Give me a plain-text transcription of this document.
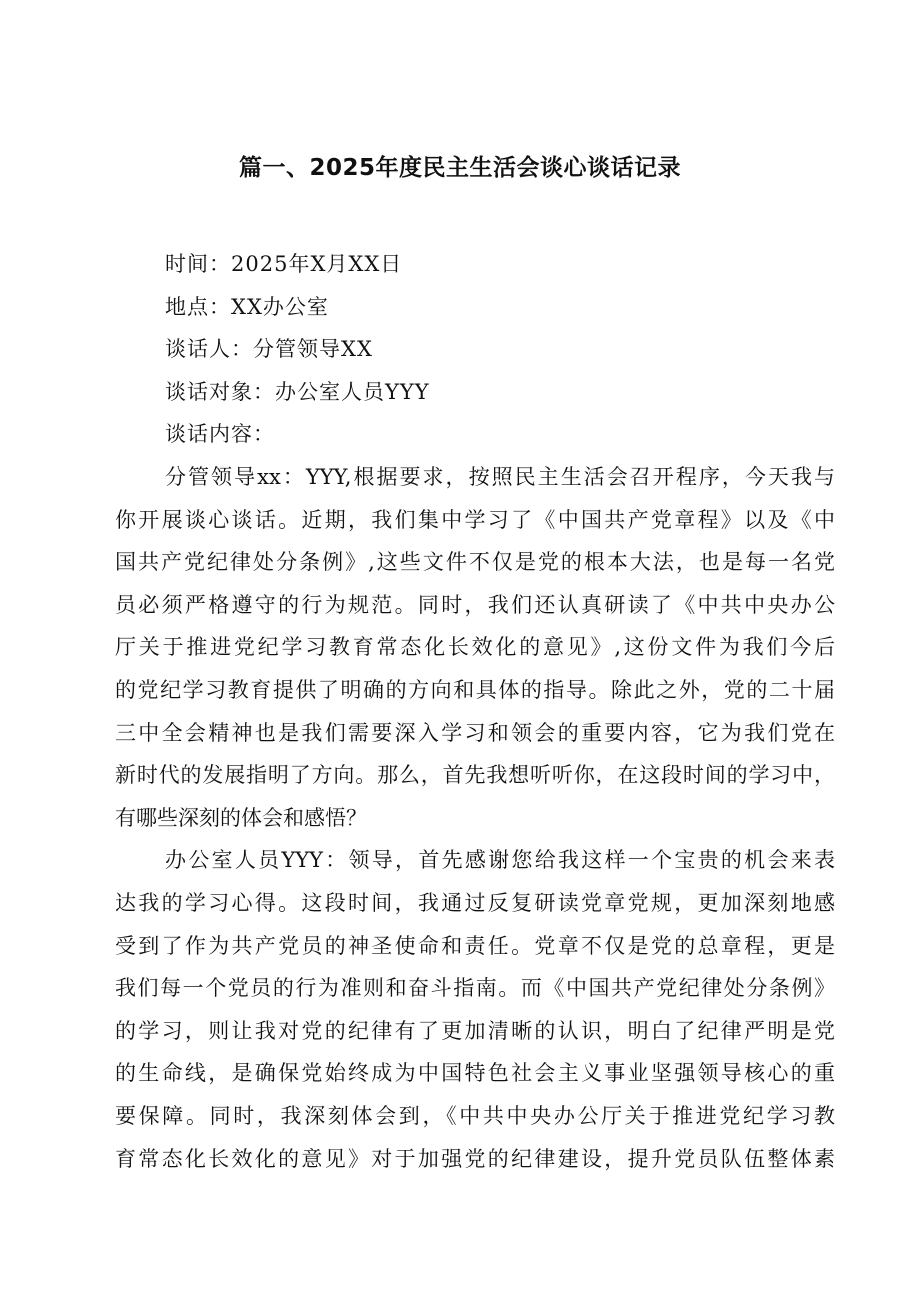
篇一、2025年度民主生活会谈心谈话记录
时间：2025年X月XX日
地点：XX办公室
谈话人：分管领导XX
谈话对象：办公室人员YYY
谈话内容：
分管领导xx：YYY,根据要求，按照民主生活会召开程序，今天我与
你开展谈心谈话。近期，我们集中学习了《中国共产党章程》以及《中
国共产党纪律处分条例》,这些文件不仅是党的根本大法，也是每一名党
员必须严格遵守的行为规范。同时，我们还认真研读了《中共中央办公
厅关于推进党纪学习教育常态化长效化的意见》,这份文件为我们今后
的党纪学习教育提供了明确的方向和具体的指导。除此之外，党的二十届
三中全会精神也是我们需要深入学习和领会的重要内容，它为我们党在
新时代的发展指明了方向。那么，首先我想听听你，在这段时间的学习中，
有哪些深刻的体会和感悟？
办公室人员YYY：领导，首先感谢您给我这样一个宝贵的机会来表
达我的学习心得。这段时间，我通过反复研读党章党规，更加深刻地感
受到了作为共产党员的神圣使命和责任。党章不仅是党的总章程，更是
我们每一个党员的行为准则和奋斗指南。而《中国共产党纪律处分条例》
的学习，则让我对党的纪律有了更加清晰的认识，明白了纪律严明是党
的生命线，是确保党始终成为中国特色社会主义事业坚强领导核心的重
要保障。同时，我深刻体会到，《中共中央办公厅关于推进党纪学习教
育常态化长效化的意见》对于加强党的纪律建设，提升党员队伍整体素
